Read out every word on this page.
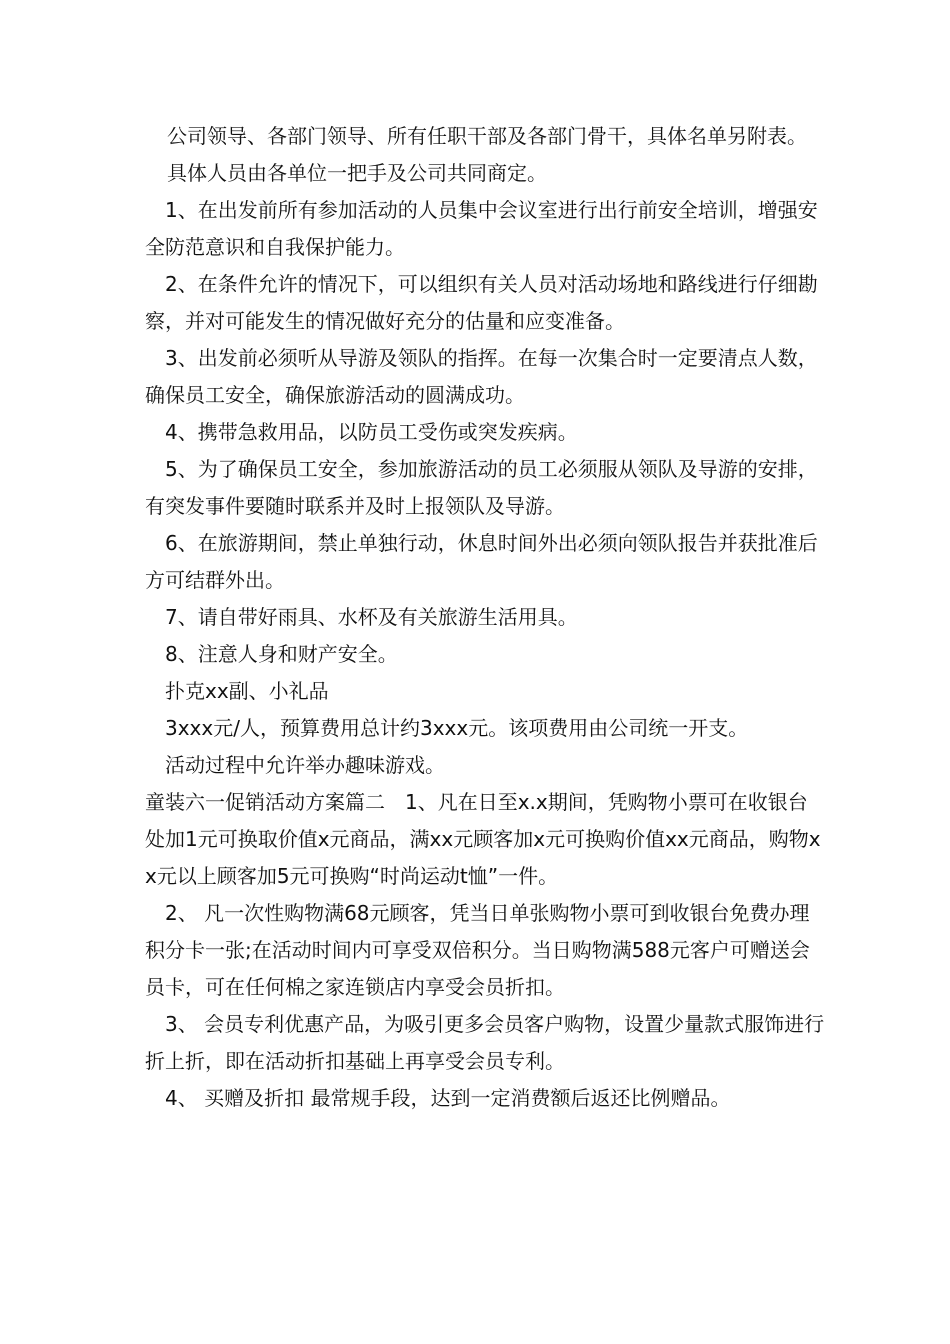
公司领导、各部门领导、所有任职干部及各部门骨干，具体名单另附表。

具体人员由各单位一把手及公司共同商定。

1、在出发前所有参加活动的人员集中会议室进行出行前安全培训，增强安全防范意识和自我保护能力。

2、在条件允许的情况下，可以组织有关人员对活动场地和路线进行仔细勘察，并对可能发生的情况做好充分的估量和应变准备。

3、出发前必须听从导游及领队的指挥。在每一次集合时一定要清点人数，确保员工安全，确保旅游活动的圆满成功。

4、携带急救用品，以防员工受伤或突发疾病。

5、为了确保员工安全，参加旅游活动的员工必须服从领队及导游的安排，有突发事件要随时联系并及时上报领队及导游。

6、在旅游期间，禁止单独行动，休息时间外出必须向领队报告并获批准后方可结群外出。

7、请自带好雨具、水杯及有关旅游生活用具。

8、注意人身和财产安全。

扑克xx副、小礼品

3xxx元/人，预算费用总计约3xxx元。该项费用由公司统一开支。

活动过程中允许举办趣味游戏。

童装六一促销活动方案篇二　1、凡在日至x.x期间，凭购物小票可在收银台处加1元可换取价值x元商品，满xx元顾客加x元可换购价值xx元商品，购物xx元以上顾客加5元可换购“时尚运动t恤”一件。

2、 凡一次性购物满68元顾客，凭当日单张购物小票可到收银台免费办理积分卡一张;在活动时间内可享受双倍积分。当日购物满588元客户可赠送会员卡，可在任何棉之家连锁店内享受会员折扣。

3、 会员专利优惠产品，为吸引更多会员客户购物，设置少量款式服饰进行折上折，即在活动折扣基础上再享受会员专利。

4、 买赠及折扣 最常规手段，达到一定消费额后返还比例赠品。
